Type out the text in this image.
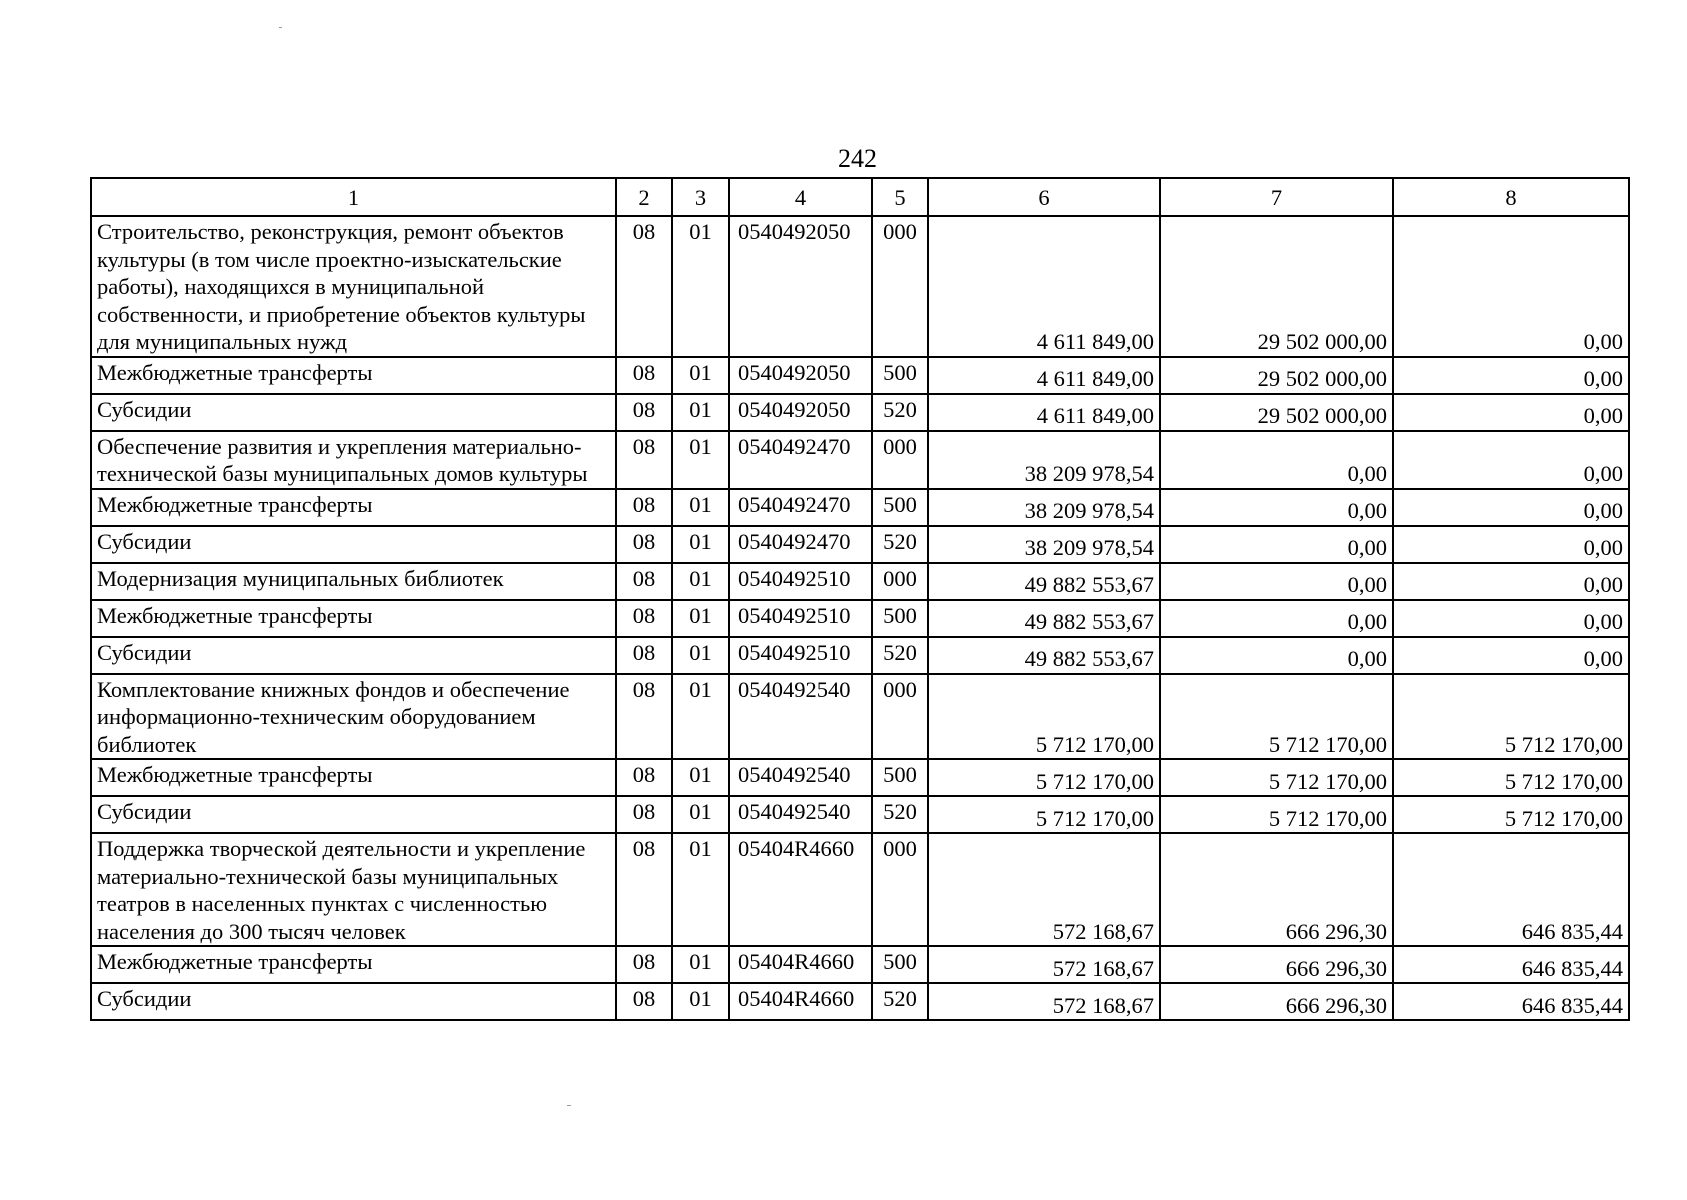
242
1	2	3	4	5	6	7	8
Строительство, реконструкция, ремонт объектов культуры (в том числе проектно-изыскательские работы), находящихся в муниципальной собственности, и приобретение объектов культуры для муниципальных нужд	08	01	0540492050	000	4 611 849,00	29 502 000,00	0,00
Межбюджетные трансферты	08	01	0540492050	500	4 611 849,00	29 502 000,00	0,00
Субсидии	08	01	0540492050	520	4 611 849,00	29 502 000,00	0,00
Обеспечение развития и укрепления материально-технической базы муниципальных домов культуры	08	01	0540492470	000	38 209 978,54	0,00	0,00
Межбюджетные трансферты	08	01	0540492470	500	38 209 978,54	0,00	0,00
Субсидии	08	01	0540492470	520	38 209 978,54	0,00	0,00
Модернизация муниципальных библиотек	08	01	0540492510	000	49 882 553,67	0,00	0,00
Межбюджетные трансферты	08	01	0540492510	500	49 882 553,67	0,00	0,00
Субсидии	08	01	0540492510	520	49 882 553,67	0,00	0,00
Комплектование книжных фондов и обеспечение информационно-техническим оборудованием библиотек	08	01	0540492540	000	5 712 170,00	5 712 170,00	5 712 170,00
Межбюджетные трансферты	08	01	0540492540	500	5 712 170,00	5 712 170,00	5 712 170,00
Субсидии	08	01	0540492540	520	5 712 170,00	5 712 170,00	5 712 170,00
Поддержка творческой деятельности и укрепление материально-технической базы муниципальных театров в населенных пунктах с численностью населения до 300 тысяч человек	08	01	05404R4660	000	572 168,67	666 296,30	646 835,44
Межбюджетные трансферты	08	01	05404R4660	500	572 168,67	666 296,30	646 835,44
Субсидии	08	01	05404R4660	520	572 168,67	666 296,30	646 835,44
